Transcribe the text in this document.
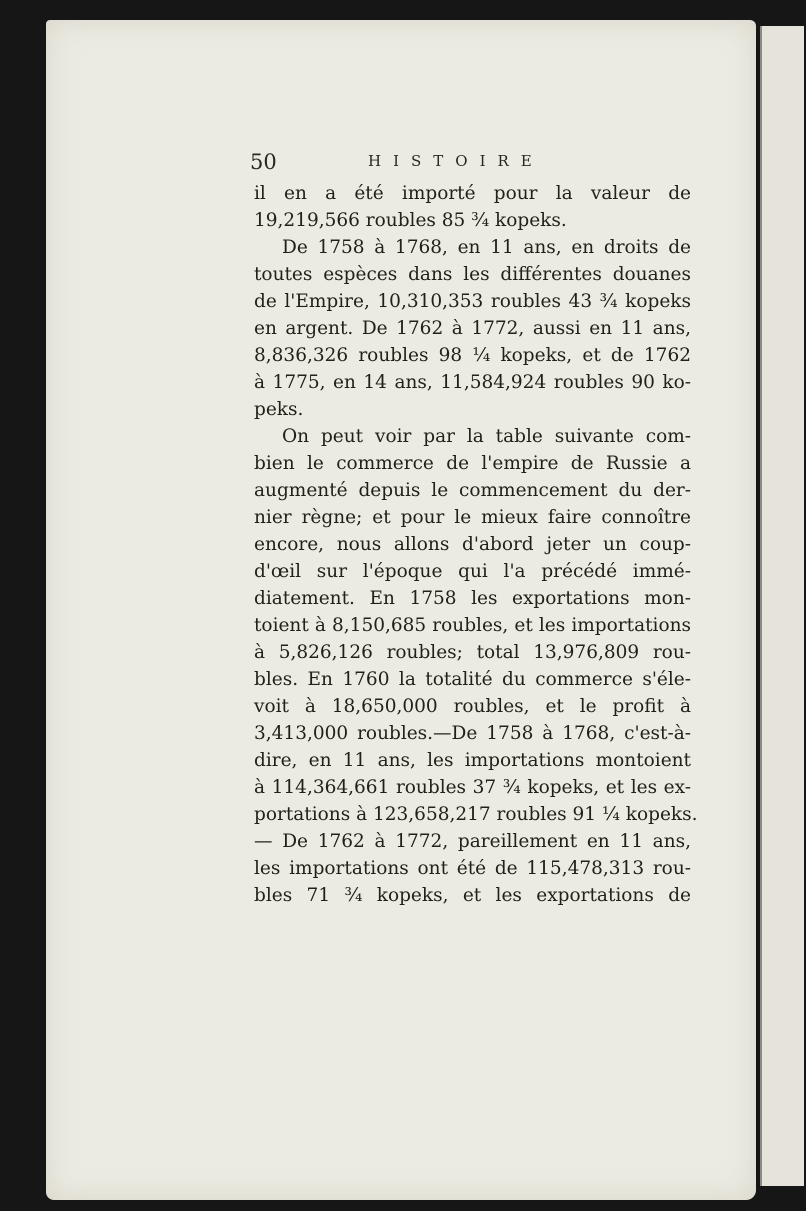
50	HISTOIRE
il en a été importé pour la valeur de
19,219,566 roubles 85 ¾ kopeks.
De 1758 à 1768, en 11 ans, en droits de
toutes espèces dans les différentes douanes
de l'Empire, 10,310,353 roubles 43 ¾ kopeks
en argent. De 1762 à 1772, aussi en 11 ans,
8,836,326 roubles 98 ¼ kopeks, et de 1762
à 1775, en 14 ans, 11,584,924 roubles 90 ko-
peks.
On peut voir par la table suivante com-
bien le commerce de l'empire de Russie a
augmenté depuis le commencement du der-
nier règne; et pour le mieux faire connoître
encore, nous allons d'abord jeter un coup-
d'œil sur l'époque qui l'a précédé immé-
diatement. En 1758 les exportations mon-
toient à 8,150,685 roubles, et les importations
à 5,826,126 roubles; total 13,976,809 rou-
bles. En 1760 la totalité du commerce s'éle-
voit à 18,650,000 roubles, et le profit à
3,413,000 roubles.—De 1758 à 1768, c'est-à-
dire, en 11 ans, les importations montoient
à 114,364,661 roubles 37 ¾ kopeks, et les ex-
portations à 123,658,217 roubles 91 ¼ kopeks.
— De 1762 à 1772, pareillement en 11 ans,
les importations ont été de 115,478,313 rou-
bles 71 ¾ kopeks, et les exportations de
